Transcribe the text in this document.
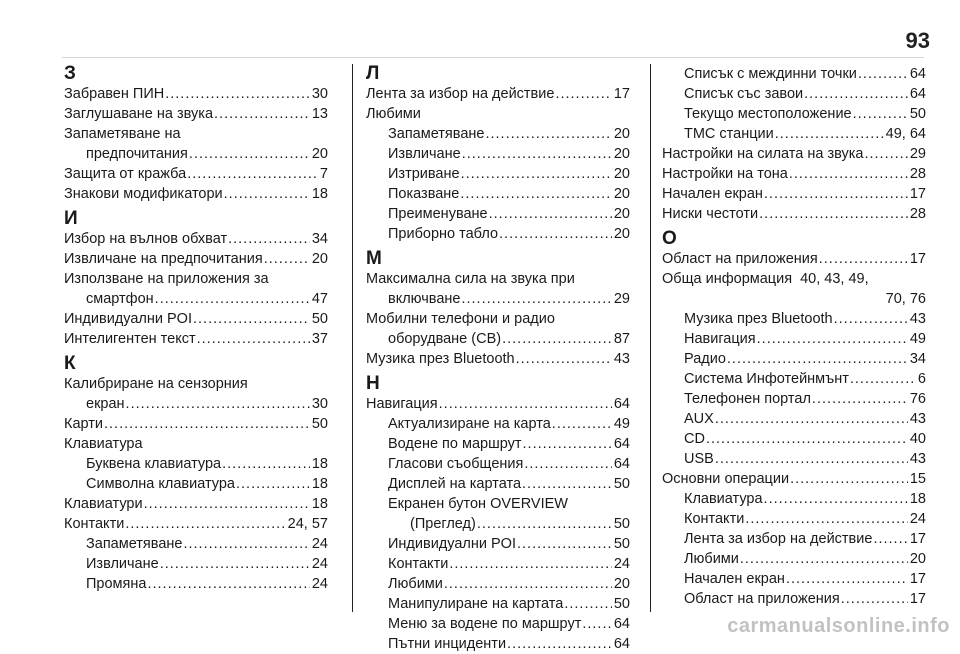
93
З
Забравен ПИН .....	30
Заглушаване на звука .....	13
Запаметяване на
предпочитания .....	20
Защита от кражба .....	7
Знакови модификатори .....	18
И
Избор на вълнов обхват .....	34
Извличане на предпочитания .....	20
Използване на приложения за
смартфон .....	47
Индивидуални POI .....	50
Интелигентен текст .....	37
К
Калибриране на сензорния
екран .....	30
Карти .....	50
Клавиатура
Буквена клавиатура .....	18
Символна клавиатура .....	18
Клавиатури .....	18
Контакти .....	24, 57
Запаметяване .....	24
Извличане .....	24
Промяна .....	24
Л
Лента за избор на действие .....	17
Любими
Запаметяване .....	20
Извличане .....	20
Изтриване .....	20
Показване .....	20
Преименуване .....	20
Приборно табло .....	20
М
Максимална сила на звука при
включване .....	29
Мобилни телефони и радио
оборудване (СВ) .....	87
Музика през Bluetooth .....	43
Н
Навигация .....	64
Актуализиране на карта .....	49
Водене по маршрут .....	64
Гласови съобщения .....	64
Дисплей на картата .....	50
Екранен бутон OVERVIEW
(Преглед) .....	50
Индивидуални POI .....	50
Контакти .....	24
Любими .....	20
Манипулиране на картата .....	50
Меню за водене по маршрут ..... 64
Пътни инциденти .....	64
Списък с междинни точки .....	64
Списък със завои .....	64
Текущо местоположение .....	50
ТМС станции .....	49, 64
Настройки на силата на звука .....	29
Настройки на тона .....	28
Начален екран .....	17
Ниски честоти .....	28
О
Област на приложения .....	17
Обща информация  40, 43, 49,
70, 76
Музика през Bluetooth .....	43
Навигация .....	49
Радио .....	34
Система Инфотейнмънт .....	6
Телефонен портал .....	76
AUX .....	43
CD .....	40
USB .....	43
Основни операции .....	15
Клавиатура .....	18
Контакти .....	24
Лента за избор на действие .....	17
Любими .....	20
Начален екран .....	17
Област на приложения .....	17
carmanualsonline.info
